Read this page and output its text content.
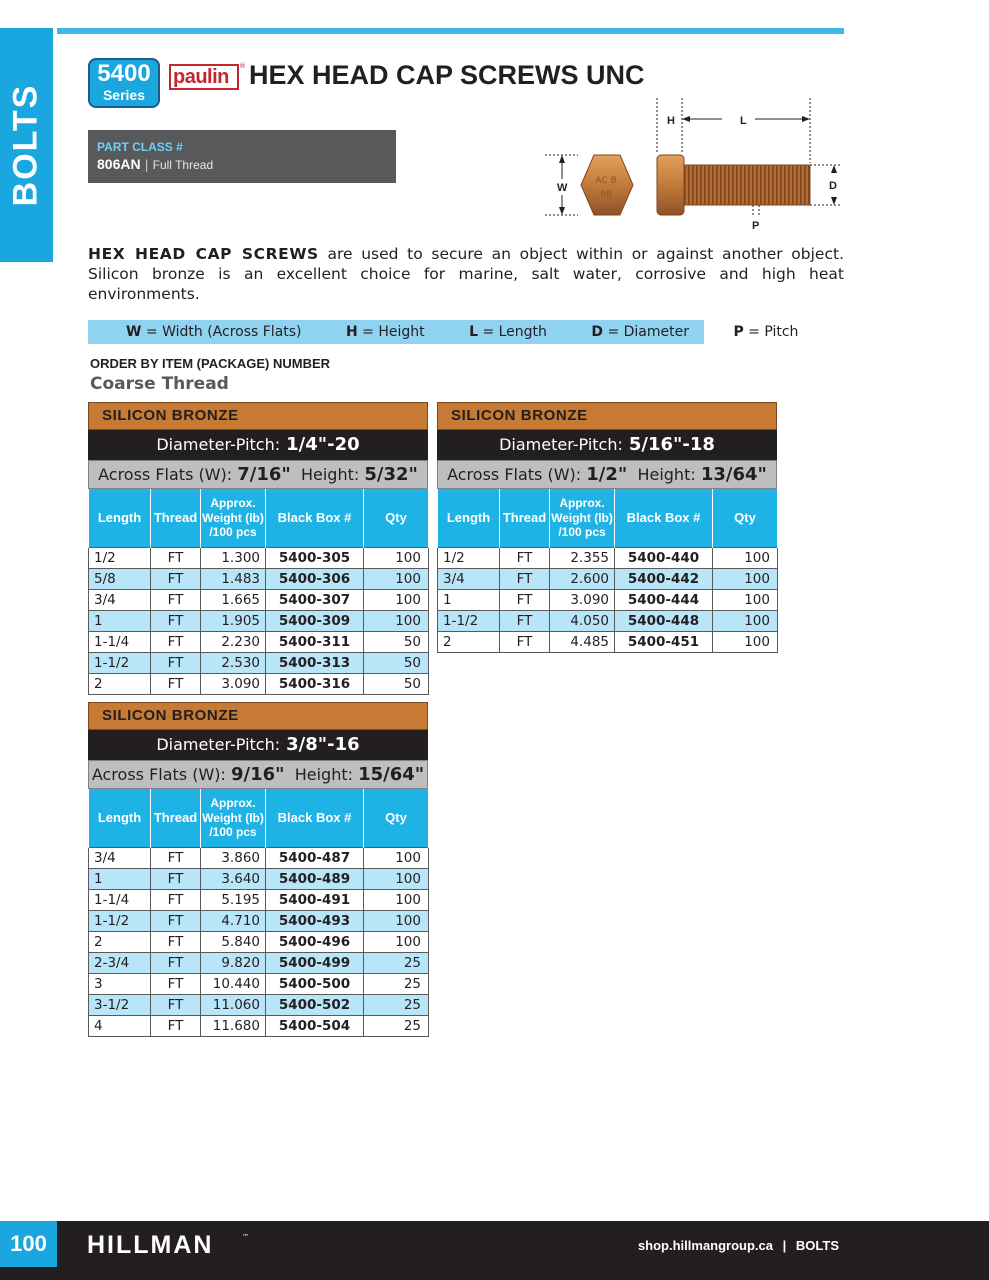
BOLTS
5400
Series
paulin ® HEX HEAD CAP SCREWS UNC
PART CLASS #
806AN | Full Thread
H	L
W
AC B
98
D
P

HEX HEAD CAP SCREWS are used to secure an object within or against another object. Silicon bronze is an excellent choice for marine, salt water, corrosive and high heat environments.

W = Width (Across Flats)	H = Height	L = Length	D = Diameter	P = Pitch
ORDER BY ITEM (PACKAGE) NUMBER
Coarse Thread
SILICON BRONZE
Diameter-Pitch: 1/4"-20
Across Flats (W): 7/16" Height: 5/32"
Length	Thread	Approx.
Weight (lb)
/100 pcs	Black Box #	Qty
1/2	FT	1.300	5400-305	100
5/8	FT	1.483	5400-306	100
3/4	FT	1.665	5400-307	100
1	FT	1.905	5400-309	100
1-1/4	FT	2.230	5400-311	50
1-1/2	FT	2.530	5400-313	50
2	FT	3.090	5400-316	50
SILICON BRONZE
Diameter-Pitch: 5/16"-18
Across Flats (W): 1/2" Height: 13/64"
Length	Thread	Approx.
Weight (lb)
/100 pcs	Black Box #	Qty
1/2	FT	2.355	5400-440	100
3/4	FT	2.600	5400-442	100
1	FT	3.090	5400-444	100
1-1/2	FT	4.050	5400-448	100
2	FT	4.485	5400-451	100
SILICON BRONZE
Diameter-Pitch: 3/8"-16
Across Flats (W): 9/16" Height: 15/64"
Length	Thread	Approx.
Weight (lb)
/100 pcs	Black Box #	Qty
3/4	FT	3.860	5400-487	100
1	FT	3.640	5400-489	100
1-1/4	FT	5.195	5400-491	100
1-1/2	FT	4.710	5400-493	100
2	FT	5.840	5400-496	100
2-3/4	FT	9.820	5400-499	25
3	FT	10.440	5400-500	25
3-1/2	FT	11.060	5400-502	25
4	FT	11.680	5400-504	25
100	HILLMAN	™
shop.hillmangroup.ca | BOLTS
